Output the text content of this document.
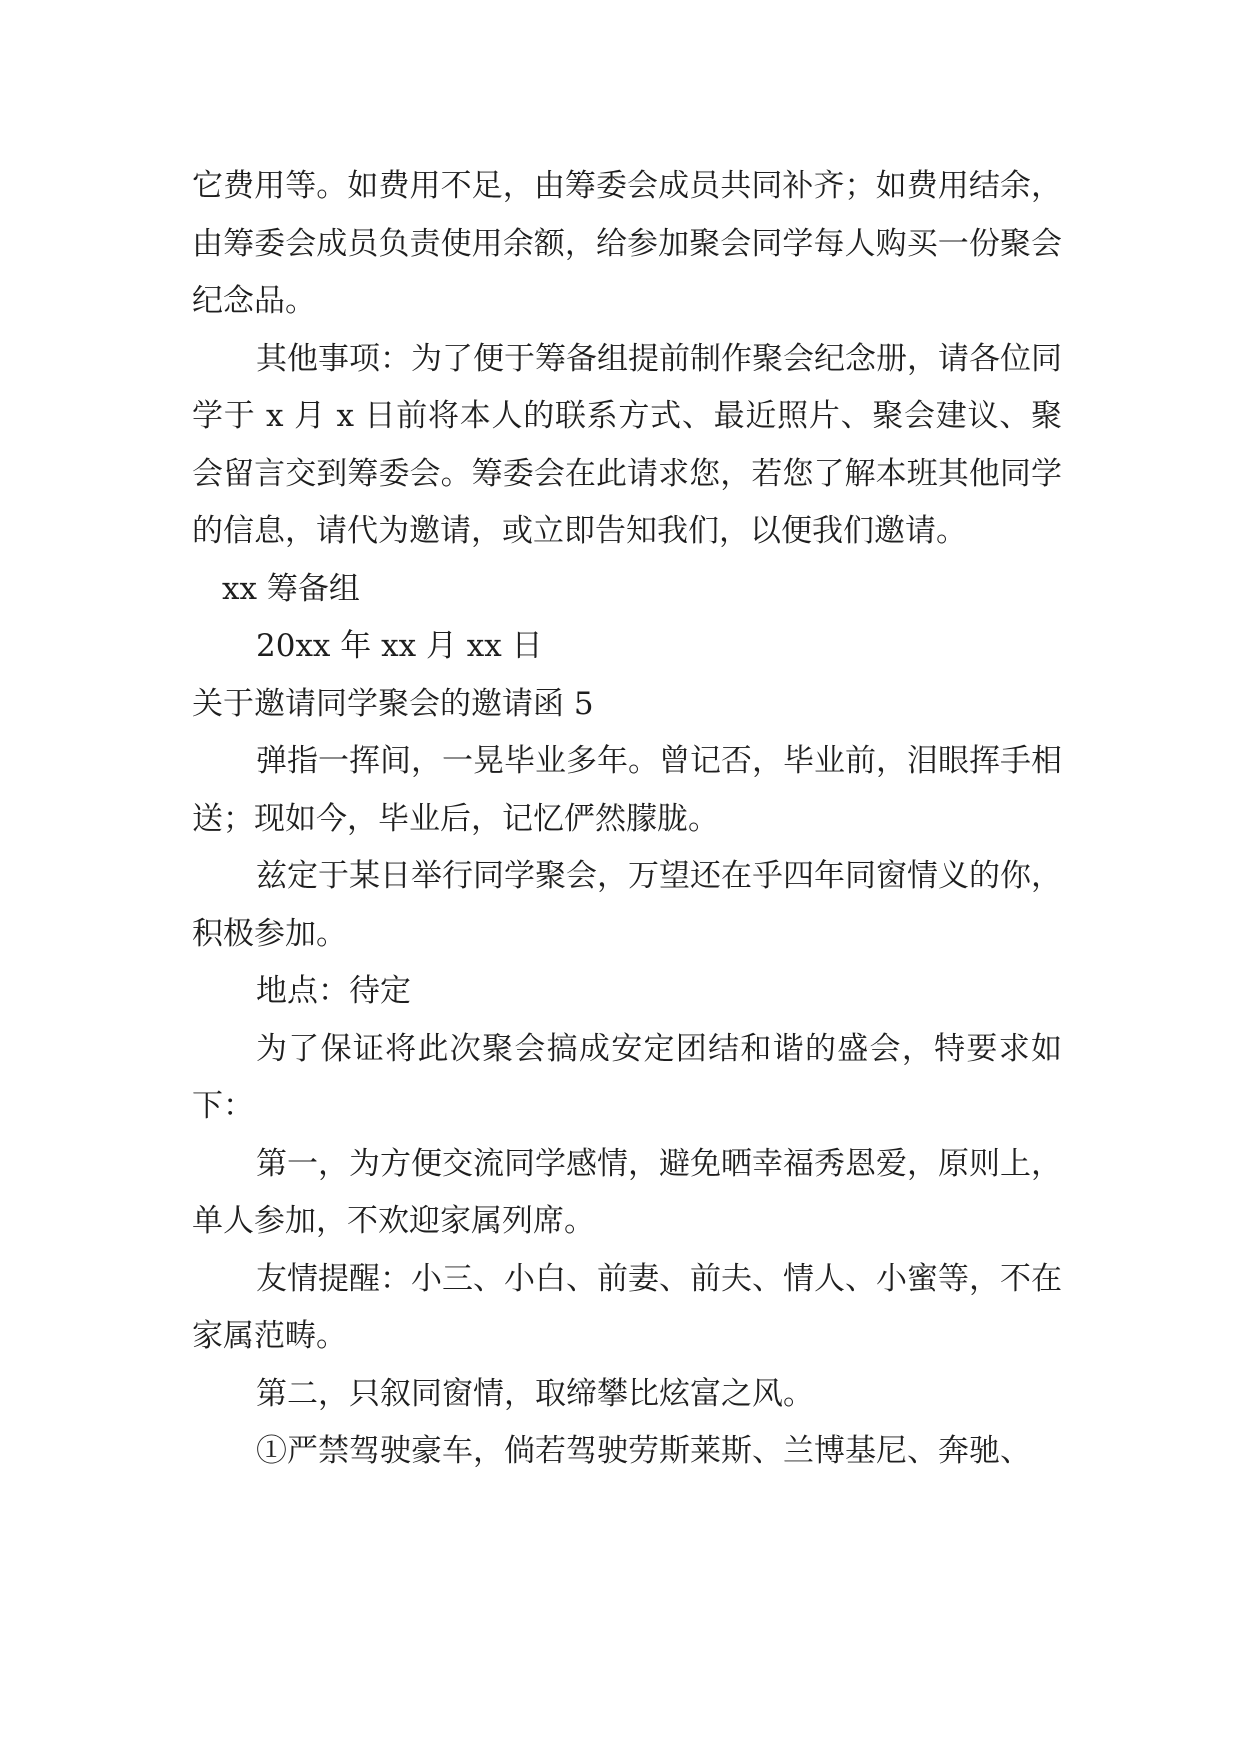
它费用等。如费用不足，由筹委会成员共同补齐；如费用结余，由筹委会成员负责使用余额，给参加聚会同学每人购买一份聚会纪念品。

其他事项：为了便于筹备组提前制作聚会纪念册，请各位同学于 x 月 x 日前将本人的联系方式、最近照片、聚会建议、聚会留言交到筹委会。筹委会在此请求您，若您了解本班其他同学的信息，请代为邀请，或立即告知我们，以便我们邀请。

xx 筹备组

20xx 年 xx 月 xx 日

关于邀请同学聚会的邀请函 5

弹指一挥间，一晃毕业多年。曾记否，毕业前，泪眼挥手相送；现如今，毕业后，记忆俨然朦胧。

兹定于某日举行同学聚会，万望还在乎四年同窗情义的你，积极参加。

地点：待定

为了保证将此次聚会搞成安定团结和谐的盛会，特要求如下：

第一，为方便交流同学感情，避免晒幸福秀恩爱，原则上，单人参加，不欢迎家属列席。

友情提醒：小三、小白、前妻、前夫、情人、小蜜等，不在家属范畴。

第二，只叙同窗情，取缔攀比炫富之风。

①严禁驾驶豪车，倘若驾驶劳斯莱斯、兰博基尼、奔驰、
